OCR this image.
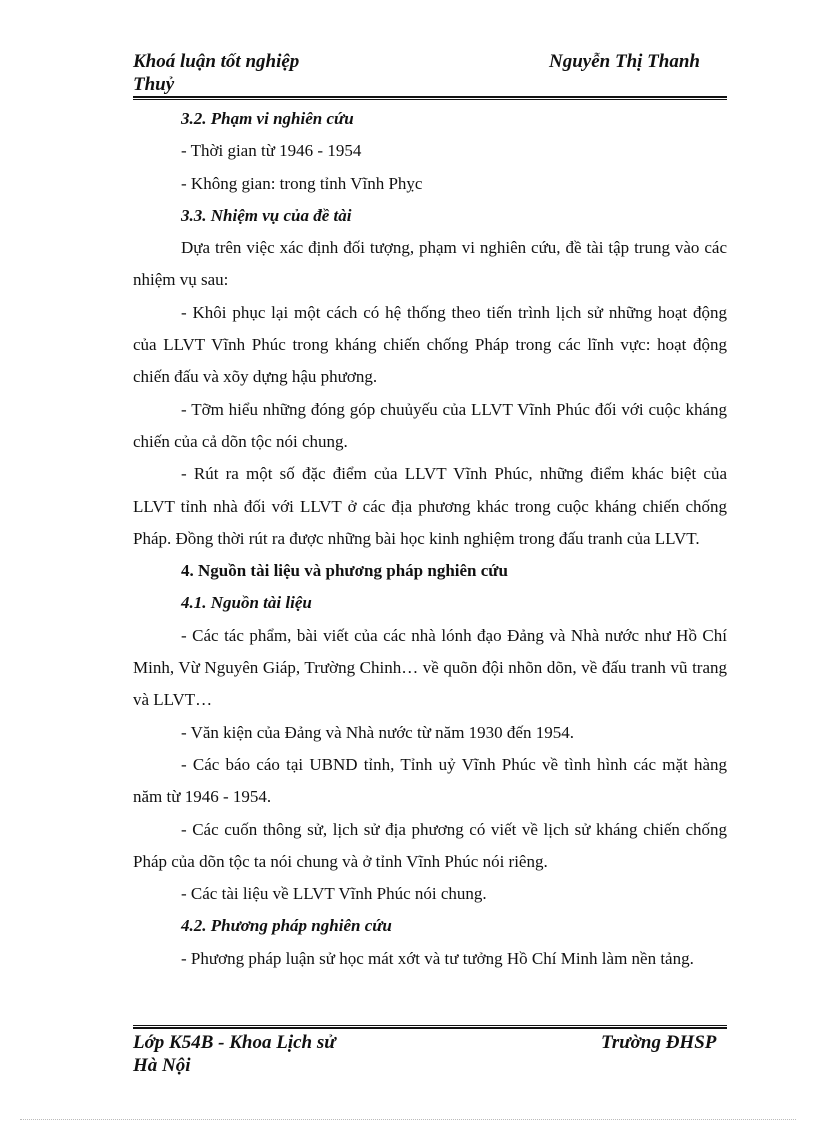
Khoá luận tốt nghiệp
Thuỷ
Nguyễn Thị Thanh

3.2. Phạm vi nghiên cứu

- Thời gian từ 1946 - 1954

- Không gian: trong tỉnh Vĩnh Phỵc

3.3. Nhiệm vụ của đề tài

Dựa trên việc xác định đối tượng, phạm vi nghiên cứu, đề tài tập trung vào các nhiệm vụ sau:

- Khôi phục lại một cách có hệ thống theo tiến trình lịch sử những hoạt động của LLVT Vĩnh Phúc trong kháng chiến chống Pháp trong các lĩnh vực: hoạt động chiến đấu và xõy dựng hậu phương.

- Tỡm hiểu những đóng góp chuủyếu của LLVT Vĩnh Phúc đối với cuộc kháng chiến của cả dõn tộc nói chung.

- Rút ra một số đặc điểm của LLVT Vĩnh Phúc, những điểm khác biệt của LLVT tỉnh nhà đối với LLVT ở các địa phương khác trong cuộc kháng chiến chống Pháp. Đồng thời rút ra được những bài học kinh nghiệm trong đấu tranh của LLVT.

4. Nguồn tài liệu và phương pháp nghiên cứu

4.1. Nguồn tài liệu

- Các tác phẩm, bài viết của các nhà lónh đạo Đảng và Nhà nước như Hồ Chí Minh, Vừ Nguyên Giáp, Trường Chinh… về quõn đội nhõn dõn, về đấu tranh vũ trang và LLVT…

- Văn kiện của Đảng và Nhà nước từ năm 1930 đến 1954.

- Các báo cáo tại UBND tỉnh, Tỉnh uỷ Vĩnh Phúc về tình hình các mặt hàng năm từ 1946 - 1954.

- Các cuốn thông sử, lịch sử địa phương có viết về lịch sử kháng chiến chống Pháp của dõn tộc ta nói chung và ở tỉnh Vĩnh Phúc nói riêng.

- Các tài liệu về LLVT Vĩnh Phúc nói chung.

4.2. Phương pháp nghiên cứu

- Phương pháp luận sử học mát xớt và tư tưởng Hồ Chí Minh làm nền tảng.

Lớp K54B - Khoa Lịch sử
Hà Nội
Trường ĐHSP
